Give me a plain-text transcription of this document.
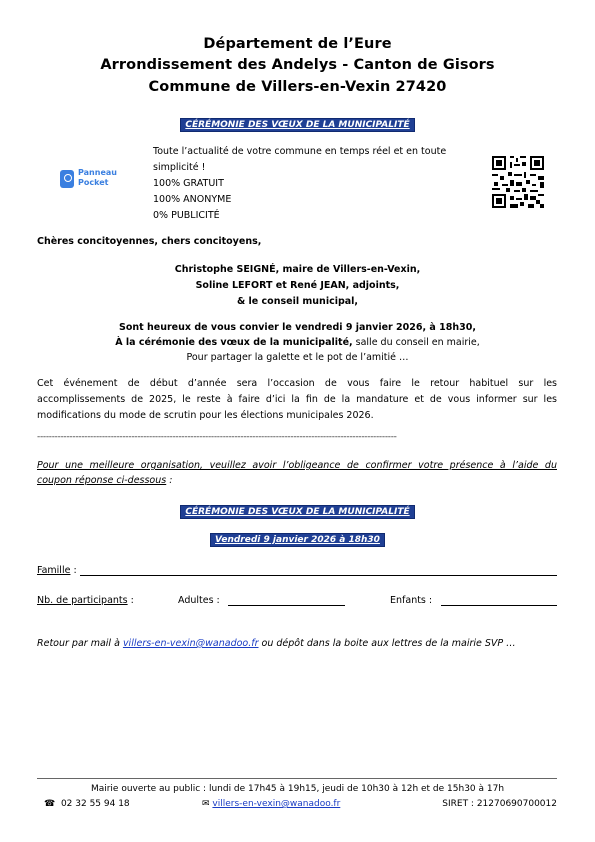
Département de l’Eure
Arrondissement des Andelys - Canton de Gisors
Commune de Villers-en-Vexin 27420
CÉRÉMONIE DES VŒUX DE LA MUNICIPALITÉ
Panneau
Pocket
Toute l’actualité de votre commune en temps réel et en toute
simplicité !
100% GRATUIT
100% ANONYME
0% PUBLICITÉ
Chères concitoyennes, chers concitoyens,
Christophe SEIGNÉ, maire de Villers-en-Vexin,
Soline LEFORT et René JEAN, adjoints,
& le conseil municipal,
Sont heureux de vous convier le vendredi 9 janvier 2026, à 18h30,
À la cérémonie des vœux de la municipalité, salle du conseil en mairie,
Pour partager la galette et le pot de l’amitié …
Cet événement de début d’année sera l’occasion de vous faire le retour habituel sur les
accomplissements de 2025, le reste à faire d’ici la fin de la mandature et de vous informer sur les
modifications du mode de scrutin pour les élections municipales 2026.
--------------------------------------------------------------------------------------------------------------------------
Pour une meilleure organisation, veuillez avoir l’obligeance de confirmer votre présence à l’aide du
coupon réponse ci-dessous :
CÉRÉMONIE DES VŒUX DE LA MUNICIPALITÉ
Vendredi 9 janvier 2026 à 18h30
Famille :
Nb. de participants :	Adultes :	Enfants :
Retour par mail à villers-en-vexin@wanadoo.fr ou dépôt dans la boite aux lettres de la mairie SVP …
Mairie ouverte au public : lundi de 17h45 à 19h15, jeudi de 10h30 à 12h et de 15h30 à 17h
☎ 02 32 55 94 18	✉ villers-en-vexin@wanadoo.fr	SIRET : 21270690700012
